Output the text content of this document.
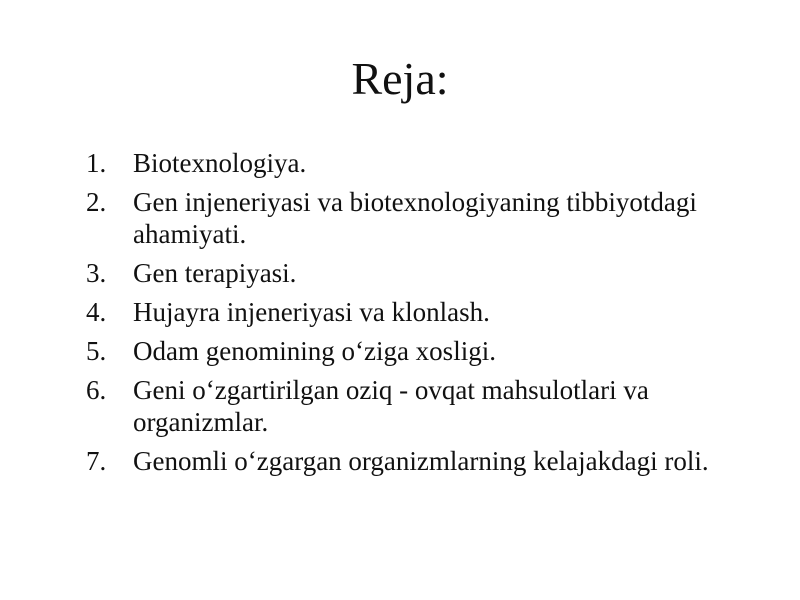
Reja:
1. Biotexnologiya.
2. Gen injeneriyasi va biotexnologiyaning tibbiyotdagi ahamiyati.
3. Gen terapiyasi.
4. Hujayra injeneriyasi va klonlash.
5. Odam genomining o‘ziga xosligi.
6. Geni o‘zgartirilgan oziq - ovqat mahsulotlari va organizmlar.
7. Genomli o‘zgargan organizmlarning kelajakdagi roli.
